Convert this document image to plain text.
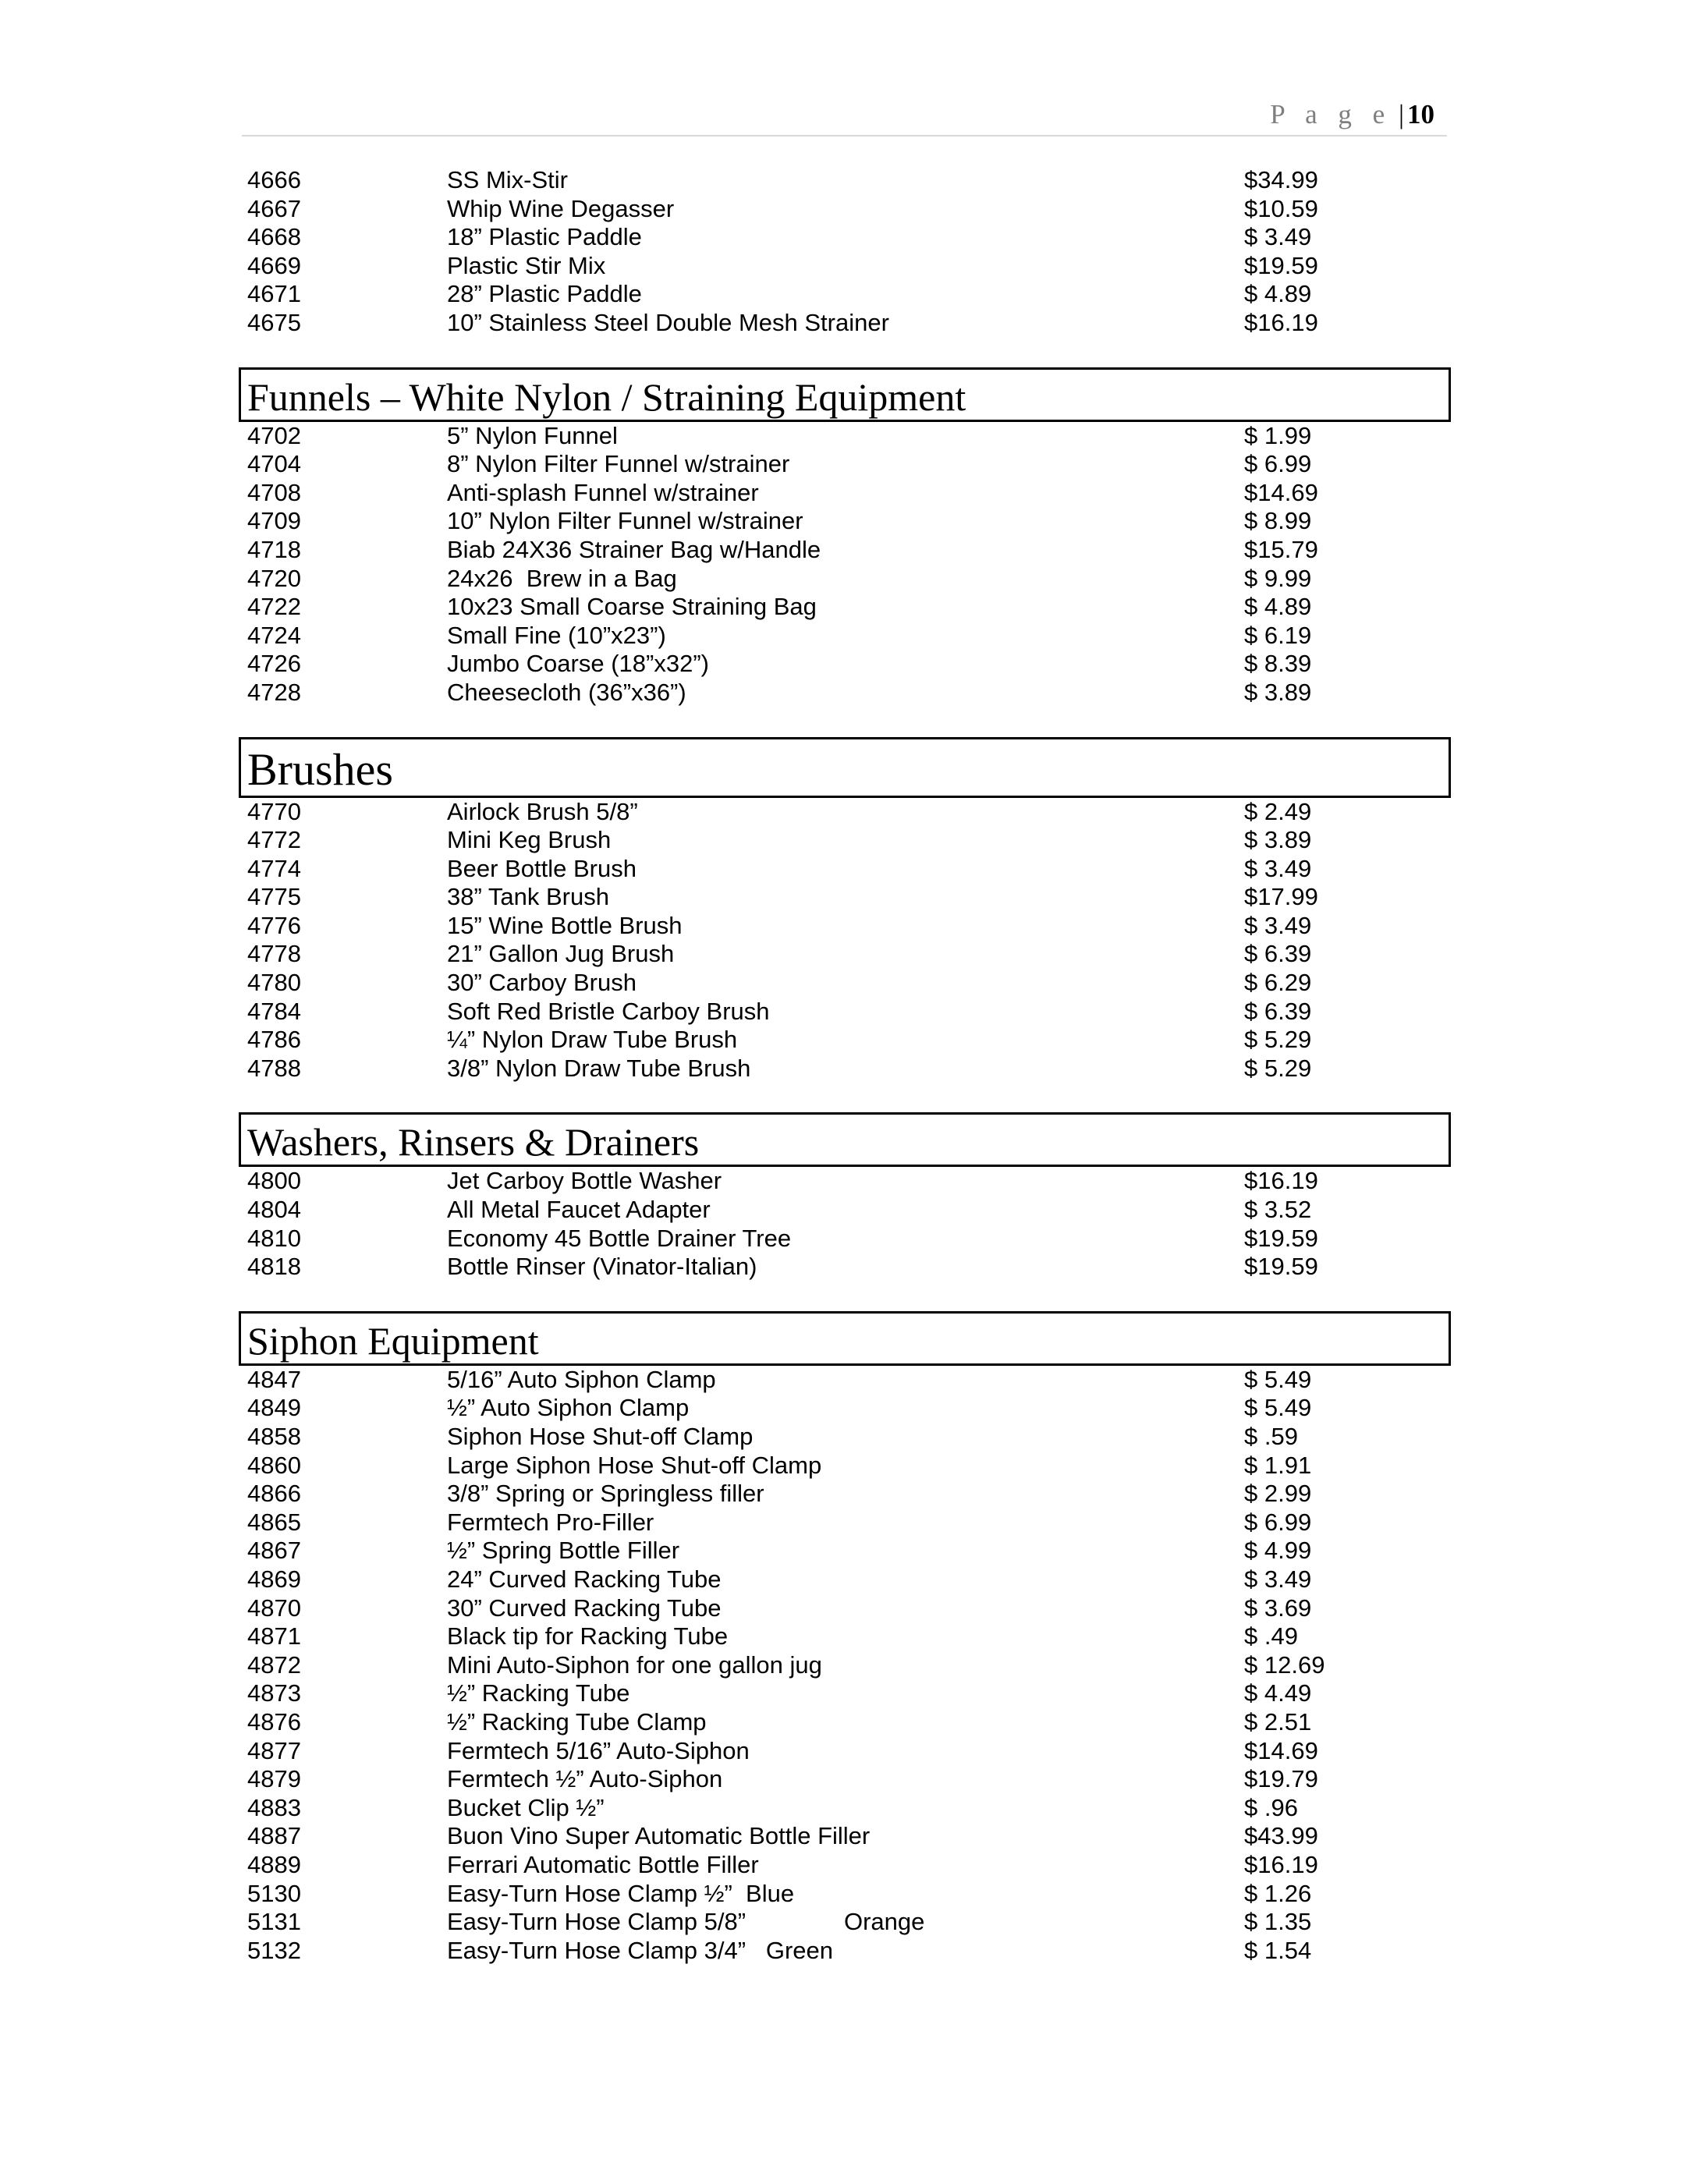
P a g e | 10
4666	SS Mix-Stir	$34.99
4667	Whip Wine Degasser	$10.59
4668	18” Plastic Paddle	$ 3.49
4669	Plastic Stir Mix	$19.59
4671	28” Plastic Paddle	$ 4.89
4675	10” Stainless Steel Double Mesh Strainer	$16.19
Funnels – White Nylon / Straining Equipment
4702	5” Nylon Funnel	$ 1.99
4704	8” Nylon Filter Funnel w/strainer	$ 6.99
4708	Anti-splash Funnel w/strainer	$14.69
4709	10” Nylon Filter Funnel w/strainer	$ 8.99
4718	Biab 24X36 Strainer Bag w/Handle	$15.79
4720	24x26  Brew in a Bag	$ 9.99
4722	10x23 Small Coarse Straining Bag	$ 4.89
4724	Small Fine (10”x23”)	$ 6.19
4726	Jumbo Coarse (18”x32”)	$ 8.39
4728	Cheesecloth (36”x36”)	$ 3.89
Brushes
4770	Airlock Brush 5/8”	$ 2.49
4772	Mini Keg Brush	$ 3.89
4774	Beer Bottle Brush	$ 3.49
4775	38” Tank Brush	$17.99
4776	15” Wine Bottle Brush	$ 3.49
4778	21” Gallon Jug Brush	$ 6.39
4780	30” Carboy Brush	$ 6.29
4784	Soft Red Bristle Carboy Brush	$ 6.39
4786	¼” Nylon Draw Tube Brush	$ 5.29
4788	3/8” Nylon Draw Tube Brush	$ 5.29
Washers, Rinsers & Drainers
4800	Jet Carboy Bottle Washer	$16.19
4804	All Metal Faucet Adapter	$ 3.52
4810	Economy 45 Bottle Drainer Tree	$19.59
4818	Bottle Rinser (Vinator-Italian)	$19.59
Siphon Equipment
4847	5/16” Auto Siphon Clamp	$ 5.49
4849	½” Auto Siphon Clamp	$ 5.49
4858	Siphon Hose Shut-off Clamp	$ .59
4860	Large Siphon Hose Shut-off Clamp	$ 1.91
4866	3/8” Spring or Springless filler	$ 2.99
4865	Fermtech Pro-Filler	$ 6.99
4867	½” Spring Bottle Filler	$ 4.99
4869	24” Curved Racking Tube	$ 3.49
4870	30” Curved Racking Tube	$ 3.69
4871	Black tip for Racking Tube	$ .49
4872	Mini Auto-Siphon for one gallon jug	$ 12.69
4873	½” Racking Tube	$ 4.49
4876	½” Racking Tube Clamp	$ 2.51
4877	Fermtech 5/16” Auto-Siphon	$14.69
4879	Fermtech ½” Auto-Siphon	$19.79
4883	Bucket Clip ½”	$ .96
4887	Buon Vino Super Automatic Bottle Filler	$43.99
4889	Ferrari Automatic Bottle Filler	$16.19
5130	Easy-Turn Hose Clamp ½”  Blue	$ 1.26
5131	Easy-Turn Hose Clamp 5/8”	Orange	$ 1.35
5132	Easy-Turn Hose Clamp 3/4”   Green	$ 1.54
